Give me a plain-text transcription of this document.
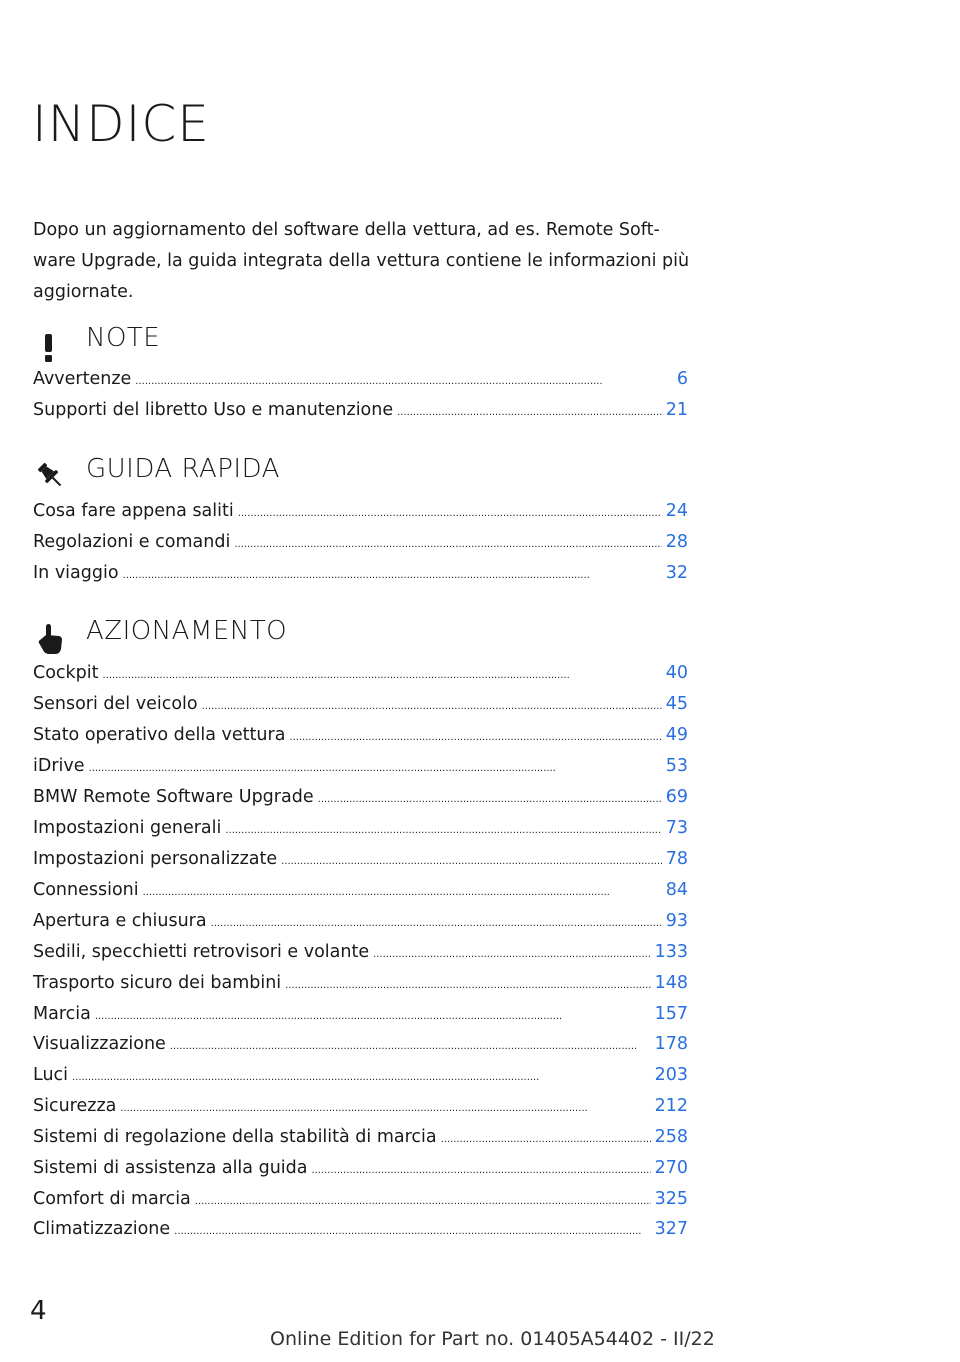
INDICE
Dopo un aggiornamento del software della vettura, ad es. Remote Soft-ware Upgrade, la guida integrata della vettura contiene le informazioni più aggiornate.
NOTE
Avvertenze . . .	6
Supporti del libretto Uso e manutenzione . . .	21
GUIDA RAPIDA
Cosa fare appena saliti . . .	24
Regolazioni e comandi . . .	28
In viaggio . . .	32
AZIONAMENTO
Cockpit . . .	40
Sensori del veicolo . . .	45
Stato operativo della vettura . . .	49
iDrive . . .	53
BMW Remote Software Upgrade . . .	69
Impostazioni generali . . .	73
Impostazioni personalizzate . . .	78
Connessioni . . .	84
Apertura e chiusura . . .	93
Sedili, specchietti retrovisori e volante . . .	133
Trasporto sicuro dei bambini . . .	148
Marcia . . .	157
Visualizzazione . . .	178
Luci . . .	203
Sicurezza . . .	212
Sistemi di regolazione della stabilità di marcia . . .	258
Sistemi di assistenza alla guida . . .	270
Comfort di marcia . . .	325
Climatizzazione . . .	327
4
Online Edition for Part no. 01405A54402 - II/22
